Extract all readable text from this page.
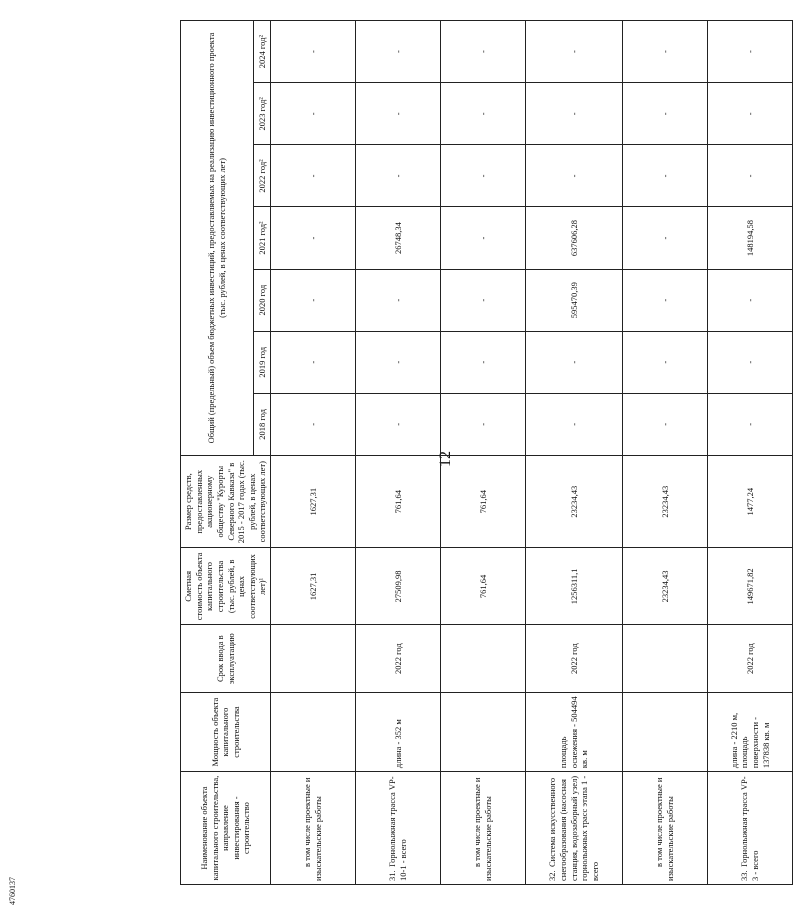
12
Наименование объекта капитального строительства, направление инвестирования - строительство	Мощность объекта капитального строительства	Срок ввода в эксплуатацию	Сметная стоимость объекта капитального строительства (тыс. рублей, в ценах соответствующих лет)¹	Размер средств, предоставленных акционерному обществу "Курорты Северного Кавказа" в 2015 - 2017 годах (тыс. рублей, в ценах соответствующих лет)	Общий (предельный) объем бюджетных инвестиций, предоставляемых на реализацию инвестиционного проекта (тыс. рублей, в ценах соответствующих лет)						
					2018 год	2019 год	2020 год	2021 год²	2022 год²	2023 год²	2024 год²
в том числе проектные и изыскательские работы			1627,31	1627,31	-	-	-	-	-	-	-
31.Горнолыжная трасса VP-10-1 - всего	длина - 352 м	2022 год	27509,98	761,64	-	-	-	26748,34	-	-	-
в том числе проектные и изыскательские работы			761,64	761,64	-	-	-	-	-	-	-
32.Система искусственного снегообразования (насосная станция, водозаборный узел) горнолыжных трасс этапа 1 - всего	площадь оснежения - 504494 кв. м	2022 год	1256311,1	23234,43	-	-	595470,39	637606,28	-	-	-
в том числе проектные и изыскательские работы			23234,43	23234,43	-	-	-	-	-	-	-
33.Горнолыжная трасса VP-3 - всего	длина - 2210 м, площадь поверхности - 137838 кв. м	2022 год	149671,82	1477,24	-	-	-	148194,58	-	-	-
4760137
